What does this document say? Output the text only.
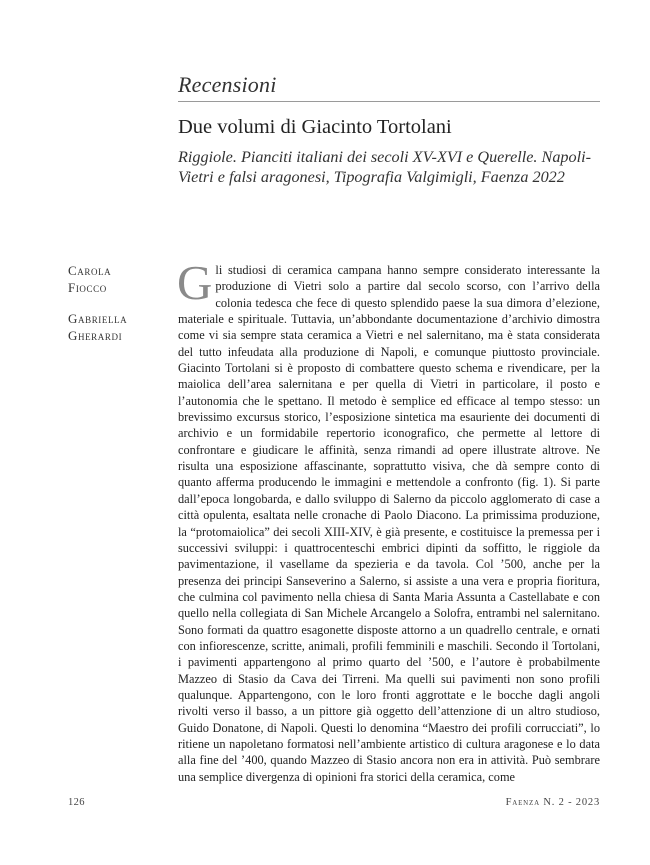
Recensioni
Due volumi di Giacinto Tortolani
Riggiole. Pianciti italiani dei secoli XV-XVI e Querelle. Napoli-Vietri e falsi aragonesi, Tipografia Valgimigli, Faenza 2022
Carola
Fiocco
Gabriella
Gherardi

Gli studiosi di ceramica campana hanno sempre considerato interessante la produzione di Vietri solo a partire dal secolo scorso, con l’arrivo della colonia tedesca che fece di questo splendido paese la sua dimora d’elezione, materiale e spirituale. Tuttavia, un’abbondante documentazione d’archivio dimostra come vi sia sempre stata ceramica a Vietri e nel salernitano, ma è stata considerata del tutto infeudata alla produzione di Napoli, e comunque piuttosto provinciale. Giacinto Tortolani si è proposto di combattere questo schema e rivendicare, per la maiolica dell’area salernitana e per quella di Vietri in particolare, il posto e l’autonomia che le spettano. Il metodo è semplice ed efficace al tempo stesso: un brevissimo excursus storico, l’esposizione sintetica ma esauriente dei documenti di archivio e un formidabile repertorio iconografico, che permette al lettore di confrontare e giudicare le affinità, senza rimandi ad opere illustrate altrove. Ne risulta una esposizione affascinante, soprattutto visiva, che dà sempre conto di quanto afferma producendo le immagini e mettendole a confronto (fig. 1). Si parte dall’epoca longobarda, e dallo sviluppo di Salerno da piccolo agglomerato di case a città opulenta, esaltata nelle cronache di Paolo Diacono. La primissima produzione, la “protomaiolica” dei secoli XIII-XIV, è già presente, e costituisce la premessa per i successivi sviluppi: i quattrocenteschi embrici dipinti da soffitto, le riggiole da pavimentazione, il vasellame da spezieria e da tavola. Col ’500, anche per la presenza dei principi Sanseverino a Salerno, si assiste a una vera e propria fioritura, che culmina col pavimento nella chiesa di Santa Maria Assunta a Castellabate e con quello nella collegiata di San Michele Arcangelo a Solofra, entrambi nel salernitano. Sono formati da quattro esagonette disposte attorno a un quadrello centrale, e ornati con infiorescenze, scritte, animali, profili femminili e maschili. Secondo il Tortolani, i pavimenti appartengono al primo quarto del ’500, e l’autore è probabilmente Mazzeo di Stasio da Cava dei Tirreni. Ma quelli sui pavimenti non sono profili qualunque. Appartengono, con le loro fronti aggrottate e le bocche dagli angoli rivolti verso il basso, a un pittore già oggetto dell’attenzione di un altro studioso, Guido Donatone, di Napoli. Questi lo denomina “Maestro dei profili corrucciati”, lo ritiene un napoletano formatosi nell’ambiente artistico di cultura aragonese e lo data alla fine del ’400, quando Mazzeo di Stasio ancora non era in attività. Può sembrare una semplice divergenza di opinioni fra storici della ceramica, come

126	Faenza N. 2 - 2023
